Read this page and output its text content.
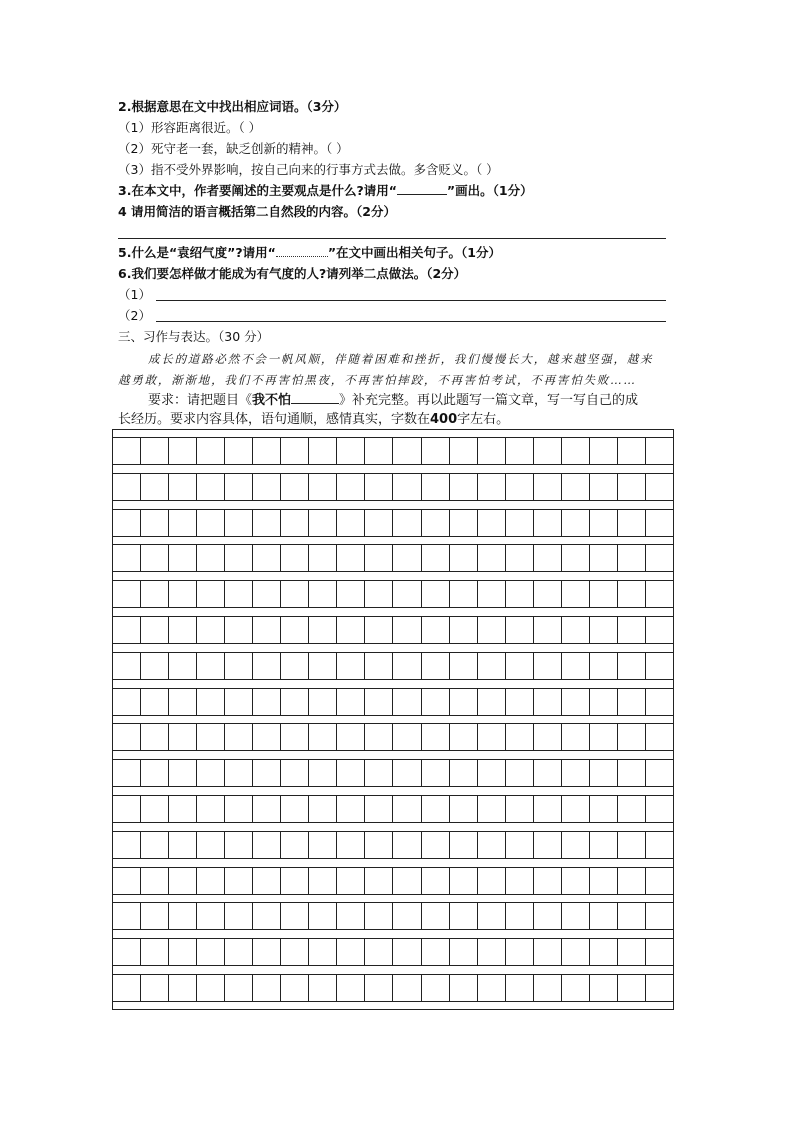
2.根据意思在文中找出相应词语。（3分）
（1）形容距离很近。（ ）
（2）死守老一套，缺乏创新的精神。（ ）
（3）指不受外界影响，按自己向来的行事方式去做。多含贬义。（ ）
3.在本文中，作者要阐述的主要观点是什么?请用“	”画出。（1分）
4 请用简洁的语言概括第二自然段的内容。（2分）
5.什么是“袁绍气度”?请用“	”在文中画出相关句子。（1分）
6.我们要怎样做才能成为有气度的人?请列举二点做法。（2分）
（1）
（2）
三、习作与表达。（30 分）
成长的道路必然不会一帆风顺，伴随着困难和挫折，我们慢慢长大，越来越坚强，越来
越勇敢，渐渐地，我们不再害怕黑夜，不再害怕摔跤，不再害怕考试，不再害怕失败……
要求：请把题目《我不怕	》补充完整。再以此题写一篇文章，写一写自己的成
长经历。要求内容具体，语句通顺，感情真实，字数在400字左右。
